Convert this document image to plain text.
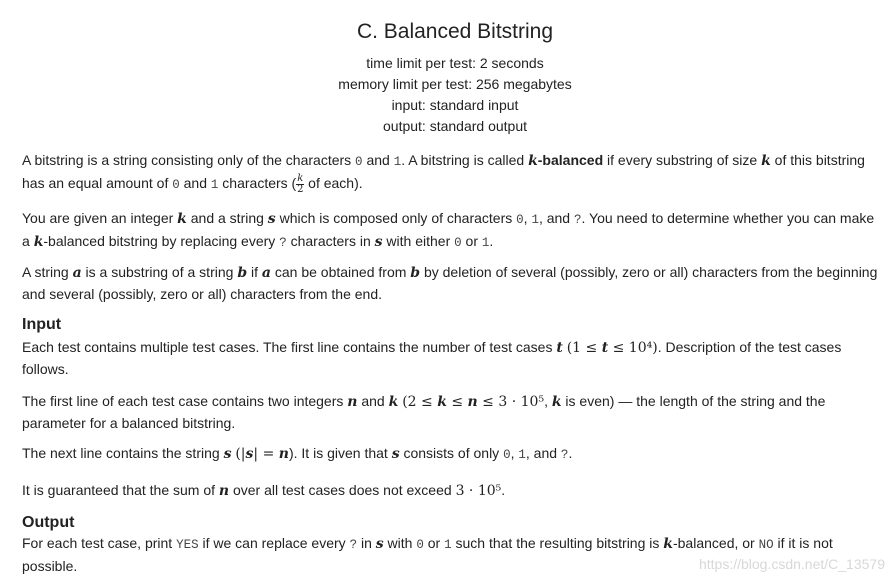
C. Balanced Bitstring
time limit per test: 2 seconds
memory limit per test: 256 megabytes
input: standard input
output: standard output
A bitstring is a string consisting only of the characters 0 and 1. A bitstring is called k-balanced if every substring of size k of this bitstring
has an equal amount of 0 and 1 characters ( $\frac{k}{2}$ of each).
You are given an integer k and a string s which is composed only of characters 0, 1, and ?. You need to determine whether you can make
a k-balanced bitstring by replacing every ? characters in s with either 0 or 1.
A string a is a substring of a string b if a can be obtained from b by deletion of several (possibly, zero or all) characters from the beginning
and several (possibly, zero or all) characters from the end.
Input
Each test contains multiple test cases. The first line contains the number of test cases t (1 ≤ t ≤ 10⁴). Description of the test cases
follows.
The first line of each test case contains two integers n and k (2 ≤ k ≤ n ≤ 3 · 10⁵, k is even) — the length of the string and the
parameter for a balanced bitstring.
The next line contains the string s (|s| = n). It is given that s consists of only 0, 1, and ?.
It is guaranteed that the sum of n over all test cases does not exceed 3 · 10⁵.
Output
For each test case, print YES if we can replace every ? in s with 0 or 1 such that the resulting bitstring is k-balanced, or NO if it is not
possible.	https://blog.csdn.net/C_13579
